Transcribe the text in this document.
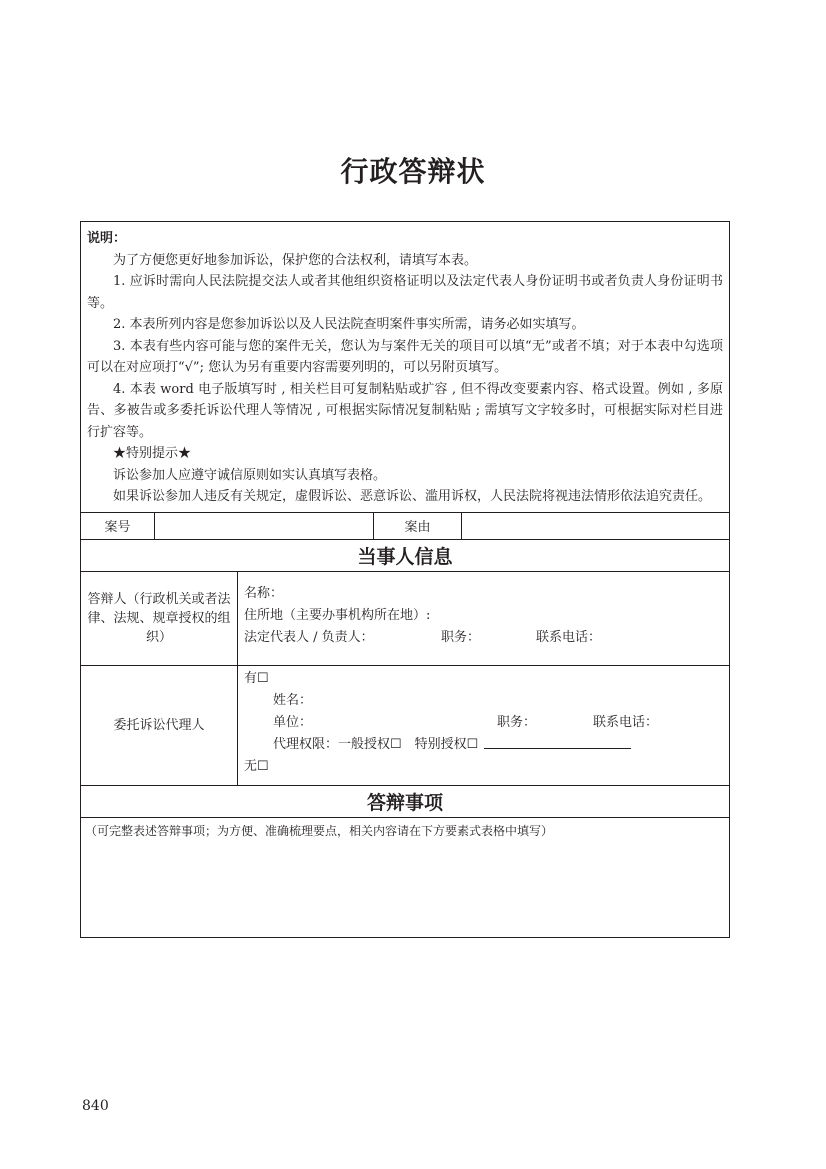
行政答辩状
说明：
为了方便您更好地参加诉讼，保护您的合法权利，请填写本表。
1. 应诉时需向人民法院提交法人或者其他组织资格证明以及法定代表人身份证明书或者负责人身份证明书等。
2. 本表所列内容是您参加诉讼以及人民法院查明案件事实所需，请务必如实填写。
3. 本表有些内容可能与您的案件无关，您认为与案件无关的项目可以填“无”或者不填；对于本表中勾选项可以在对应项打“√”; 您认为另有重要内容需要列明的，可以另附页填写。
4. 本表 word 电子版填写时 , 相关栏目可复制粘贴或扩容 , 但不得改变要素内容、格式设置。例如 , 多原告、多被告或多委托诉讼代理人等情况 , 可根据实际情况复制粘贴 ; 需填写文字较多时，可根据实际对栏目进行扩容等。
★特别提示★
诉讼参加人应遵守诚信原则如实认真填写表格。
如果诉讼参加人违反有关规定，虚假诉讼、恶意诉讼、滥用诉权，人民法院将视违法情形依法追究责任。
案号	案由
当事人信息
答辩人（行政机关或者法律、法规、规章授权的组织）
名称：
住所地（主要办事机构所在地）:
法定代表人 / 负责人：	职务：	联系电话：
委托诉讼代理人
有☐
姓名：
单位：	职务：	联系电话：
代理权限：一般授权☐　特别授权☐
无☐
答辩事项
（可完整表述答辩事项；为方便、准确梳理要点，相关内容请在下方要素式表格中填写）
840
